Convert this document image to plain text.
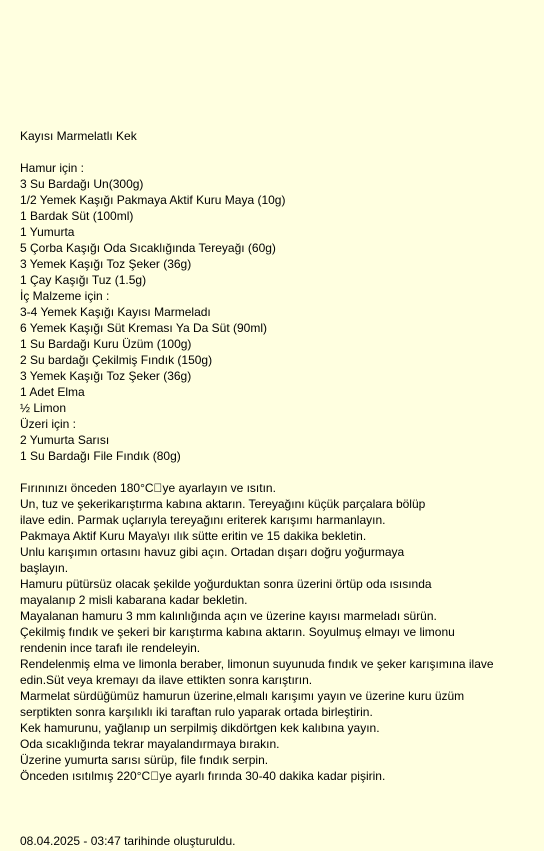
Kayısı Marmelatlı Kek
Hamur için :
3 Su Bardağı Un(300g)
1/2 Yemek Kaşığı Pakmaya Aktif Kuru Maya (10g)
1 Bardak Süt (100ml)
1 Yumurta
5 Çorba Kaşığı Oda Sıcaklığında Tereyağı (60g)
3 Yemek Kaşığı Toz Şeker (36g)
1 Çay Kaşığı Tuz (1.5g)
İç Malzeme için :
3-4 Yemek Kaşığı Kayısı Marmeladı
6 Yemek Kaşığı Süt Kreması Ya Da Süt (90ml)
1 Su Bardağı Kuru Üzüm (100g)
2 Su bardağı Çekilmiş Fındık (150g)
3 Yemek Kaşığı Toz Şeker (36g)
1 Adet Elma
½ Limon
Üzeri için :
2 Yumurta Sarısı
1 Su Bardağı File Fındık (80g)
Fırınınızı önceden 180°C ye ayarlayın ve ısıtın.
Un, tuz ve şekerikarıştırma kabına aktarın. Tereyağını küçük parçalara bölüp ilave edin. Parmak uçlarıyla tereyağını eriterek karışımı harmanlayın.
Pakmaya Aktif Kuru Maya\yı ılık sütte eritin ve 15 dakika bekletin.
Unlu karışımın ortasını havuz gibi açın. Ortadan dışarı doğru yoğurmaya başlayın.
Hamuru pütürsüz olacak şekilde yoğurduktan sonra üzerini örtüp oda ısısında mayalanıp 2 misli kabarana kadar bekletin.
Mayalanan hamuru 3 mm kalınlığında açın ve üzerine kayısı marmeladı sürün.
Çekilmiş fındık ve şekeri bir karıştırma kabına aktarın. Soyulmuş elmayı ve limonu rendenin ince tarafı ile rendeleyin.
Rendelenmiş elma ve limonla beraber, limonun suyunuda fındık ve şeker karışımına ilave edin.Süt veya kremayı da ilave ettikten sonra karıştırın.
Marmelat sürdüğümüz hamurun üzerine,elmalı karışımı yayın ve üzerine kuru üzüm serptikten sonra karşılıklı iki taraftan rulo yaparak ortada birleştirin.
Kek hamurunu, yağlanıp un serpilmiş dikdörtgen kek kalıbına yayın.
Oda sıcaklığında tekrar mayalandırmaya bırakın.
Üzerine yumurta sarısı sürüp, file fındık serpin.
Önceden ısıtılmış 220°C ye ayarlı fırında 30-40 dakika kadar pişirin.
08.04.2025 - 03:47 tarihinde oluşturuldu.
